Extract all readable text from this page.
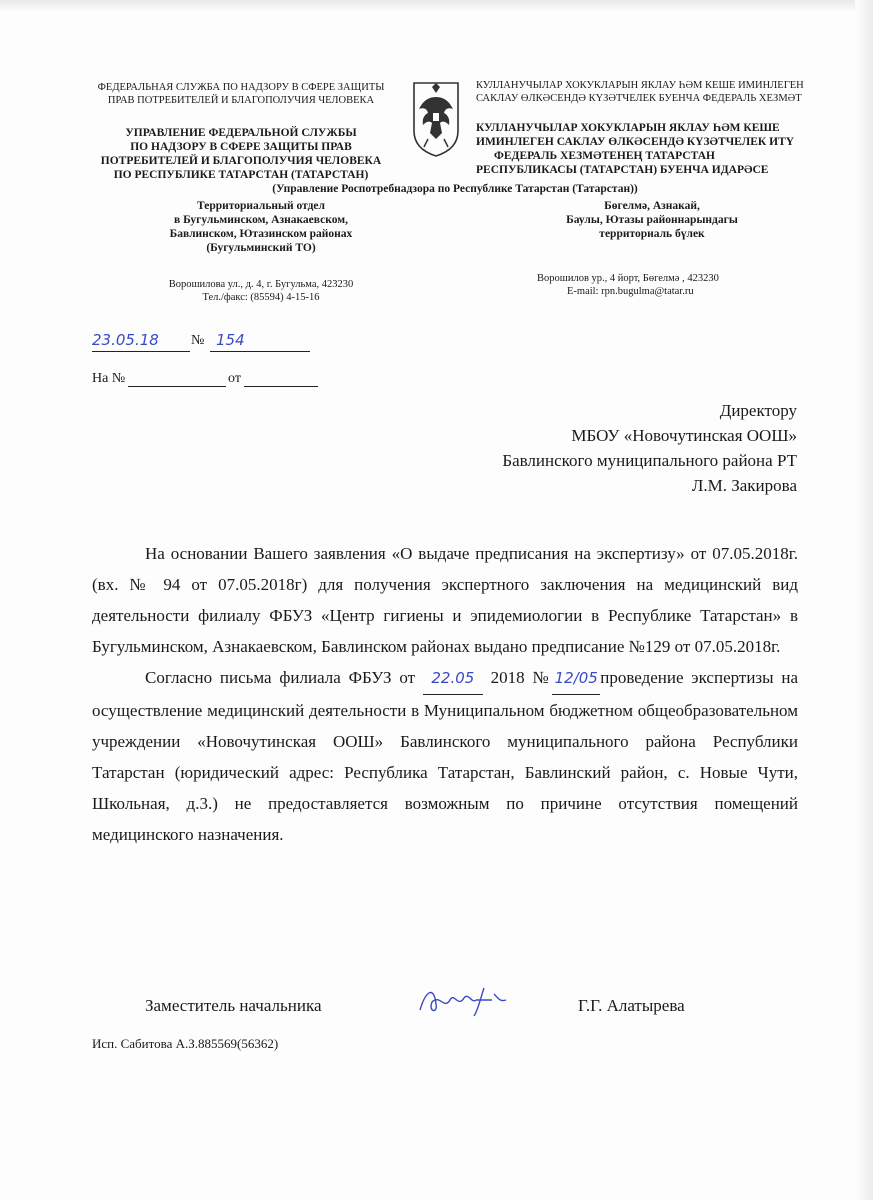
ФЕДЕРАЛЬНАЯ СЛУЖБА ПО НАДЗОРУ В СФЕРЕ ЗАЩИТЫ
ПРАВ ПОТРЕБИТЕЛЕЙ И БЛАГОПОЛУЧИЯ ЧЕЛОВЕКА
УПРАВЛЕНИЕ ФЕДЕРАЛЬНОЙ СЛУЖБЫ
ПО НАДЗОРУ В СФЕРЕ ЗАЩИТЫ ПРАВ
ПОТРЕБИТЕЛЕЙ И БЛАГОПОЛУЧИЯ ЧЕЛОВЕКА
ПО РЕСПУБЛИКЕ ТАТАРСТАН (ТАТАРСТАН)
Территориальный отдел
в Бугульминском, Азнакаевском,
Бавлинском, Ютазинском районах
(Бугульминский ТО)
Ворошилова ул., д. 4, г. Бугульма, 423230
Тел./факс: (85594) 4-15-16
КУЛЛАНУЧЫЛАР ХОКУКЛАРЫН ЯКЛАУ ҺӘМ КЕШЕ ИМИНЛЕГЕН
САКЛАУ ӨЛКӘСЕНДӘ КҮЗӘТЧЕЛЕК БУЕНЧА ФЕДЕРАЛЬ ХЕЗМӘТ
КУЛЛАНУЧЫЛАР ХОКУКЛАРЫН ЯКЛАУ ҺӘМ КЕШЕ
ИМИНЛЕГЕН САКЛАУ ӨЛКӘСЕНДӘ КҮЗӘТЧЕЛЕК ИТҮ
ФЕДЕРАЛЬ ХЕЗМӘТЕНЕҢ ТАТАРСТАН
РЕСПУБЛИКАСЫ (ТАТАРСТАН) БУЕНЧА ИДАРӘСЕ
(Управление Роспотребнадзора по Республике Татарстан (Татарстан))
Бөгелмә, Азнакай,
Баулы, Ютазы районнарындагы
территориаль бүлек
Ворошилов ур., 4 йорт, Бөгелмә , 423230
E-mail: rpn.bugulma@tatar.ru
23.05.18	№ 154
На №	от
Директору
МБОУ «Новочутинская ООШ»
Бавлинского муниципального района РТ
Л.М. Закирова

На основании Вашего заявления «О выдаче предписания на экспертизу» от 07.05.2018г. (вх. № 94 от 07.05.2018г) для получения экспертного заключения на медицинский вид деятельности филиалу ФБУЗ «Центр гигиены и эпидемиологии в Республике Татарстан» в Бугульминском, Азнакаевском, Бавлинском районах выдано предписание №129 от 07.05.2018г.

Согласно письма филиала ФБУЗ от 22.05 2018 № 12/05 проведение экспертизы на осуществление медицинский деятельности в Муниципальном бюджетном общеобразовательном учреждении «Новочутинская ООШ» Бавлинского муниципального района Республики Татарстан (юридический адрес: Республика Татарстан, Бавлинский район, с. Новые Чути, Школьная, д.3.) не предоставляется возможным по причине отсутствия помещений медицинского назначения.

Заместитель начальника	Г.Г. Алатырева
Исп. Сабитова А.З.885569(56362)
